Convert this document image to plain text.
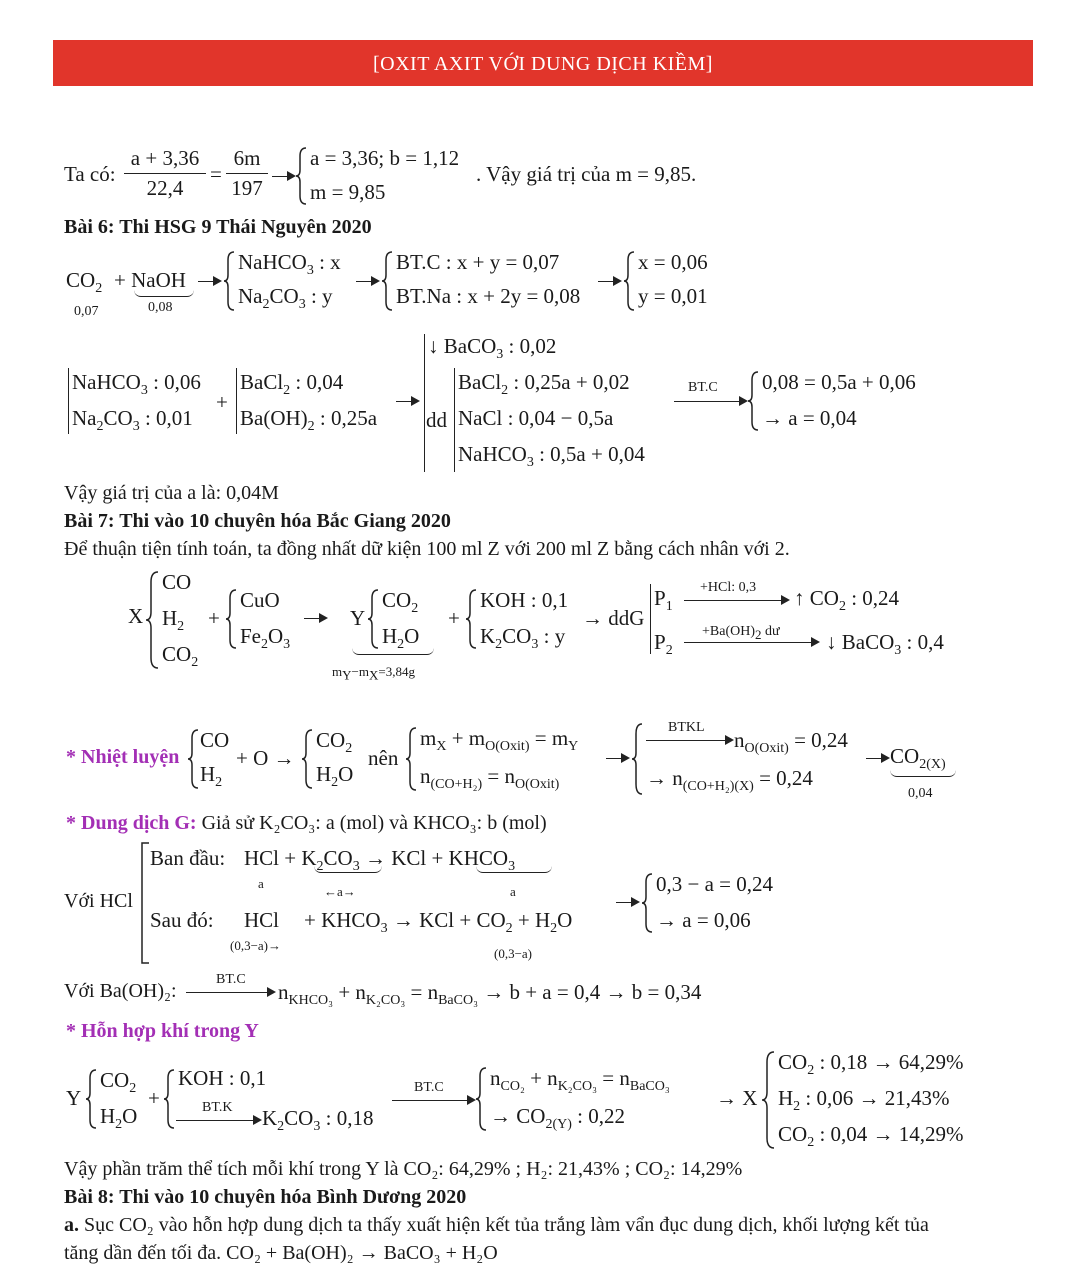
[OXIT AXIT VỚI DUNG DỊCH KIỀM]
Ta có:
a + 3,36
22,4
=
6m
197
a = 3,36; b = 1,12
m = 9,85
. Vậy giá trị của m = 9,85.
Bài 6: Thi HSG 9 Thái Nguyên 2020
$CO_2$
0,07
+ NaOH
0,08
NaHCO$_3$ : x
$Na_2CO_3$ : y
BT.C : x + y = 0,07
BT.Na : x + 2y = 0,08
x = 0,06
y = 0,01
NaHCO$_3$ : 0,06
$Na_2CO_3$ : 0,01
+
BaCl$_2$ : 0,04
$Ba(OH)_2$ : 0,25a
↓ BaCO$_3$ : 0,02
dd
BaCl$_2$ : 0,25a + 0,02
NaCl : 0,04 − 0,5a
NaHCO$_3$ : 0,5a + 0,04
BT.C 0,08 = 0,5a + 0,06
→ a = 0,04
Vậy giá trị của a là: 0,04M
Bài 7: Thi vào 10 chuyên hóa Bắc Giang 2020
Để thuận tiện tính toán, ta đồng nhất dữ kiện 100 ml Z với 200 ml Z bằng cách nhân với 2.
X
CO
$H_2$
$CO_2$
+
CuO
$Fe_2O_3$
Y
$CO_2$
$H_2O$
$m_Y-m_X=3,84g$
+
KOH : 0,1
$K_2CO_3$ : y
→ ddG
$P_1$
$P_2$
+HCl: 0,3
$+Ba(OH)_2$ dư
↑ $CO_2$ : 0,24
↓ BaCO$_3$ : 0,4
* Nhiệt luyện
CO
$H_2$
+ O →
$CO_2$
$H_2O$
nên
$m_X + m_{O(Oxit)} = m_Y$
$n_{(CO+H_2)} = n_{O(Oxit)}$
BTKL
$n_{O(Oxit)} = 0,24$
→ $n_{(CO+H_2)(X)} = 0,24$
$CO_{2(X)}$
0,04
* Dung dịch G: Giả sử K₂CO₃: a (mol) và KHCO₃: b (mol)
Với HCl
Ban đầu: HCl + $K_2CO_3$ → KCl + $KHCO_3$
a
←a→	a
Sau đó: HCl + $KHCO_3$ → KCl + $CO_2 + H_2O$
(0,3−a)→
(0,3−a)
0,3 − a = 0,24
→ a = 0,06
Với Ba(OH)₂:
BT.C
$n_{KHCO_3} + n_{K_2CO_3} = n_{BaCO_3} \to b + a = 0,4 \to b = 0,34$
* Hỗn hợp khí trong Y
Y
$CO_2$
$H_2O$
+
KOH : 0,1
BT.K $K_2CO_3$ : 0,18
BT.C $n_{CO_2} + n_{K_2CO_3} = n_{BaCO_3}$
→ $CO_{2(Y)}$ : 0,22
→ X
$CO_2$ : 0,18 → 64,29%
$H_2$ : 0,06 → 21,43%
$CO_2$ : 0,04 → 14,29%
Vậy phần trăm thể tích mỗi khí trong Y là CO₂: 64,29% ; H₂: 21,43% ; CO₂: 14,29%
Bài 8: Thi vào 10 chuyên hóa Bình Dương 2020
a. Sục CO₂ vào hỗn hợp dung dịch ta thấy xuất hiện kết tủa trắng làm vẩn đục dung dịch, khối lượng kết tủa
tăng dần đến tối đa. CO₂ + Ba(OH)₂ → BaCO₃ + H₂O
